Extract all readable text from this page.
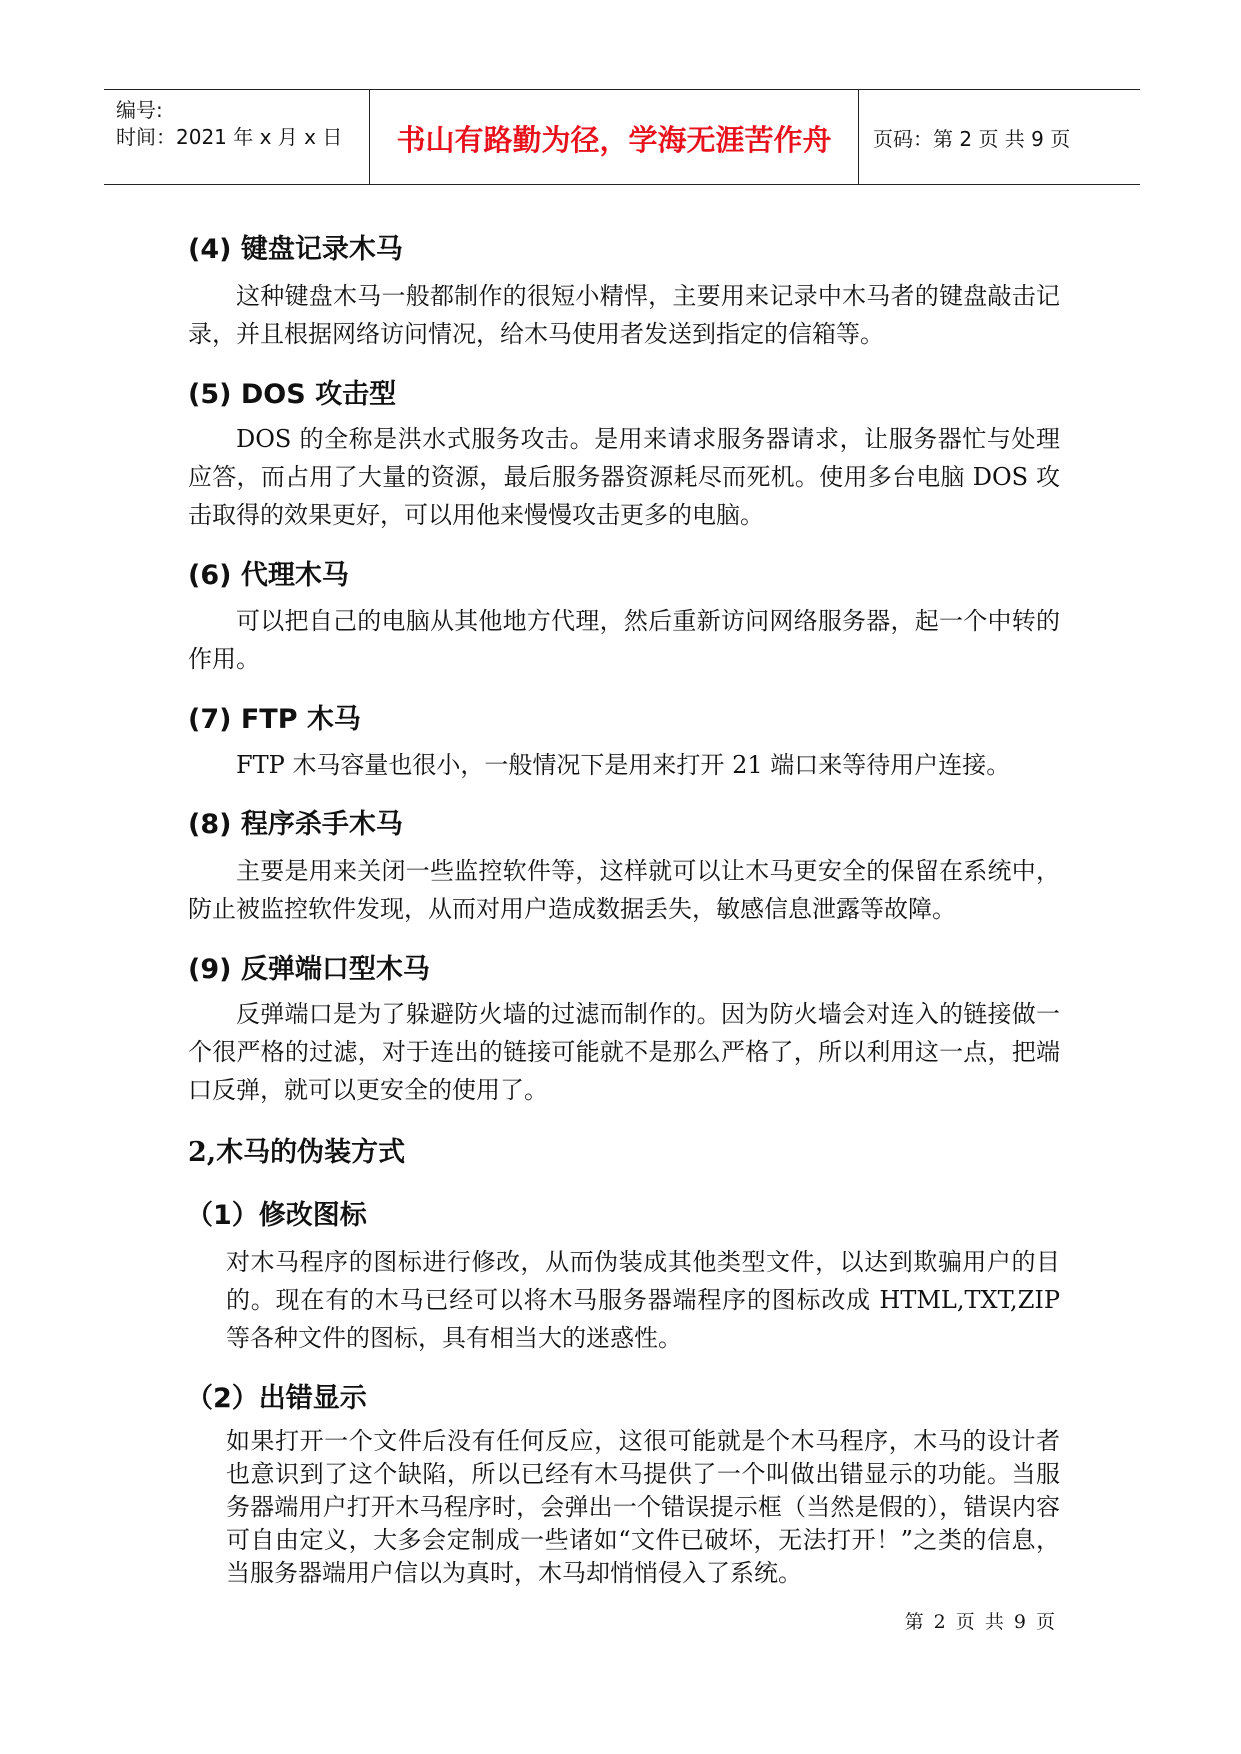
编号:
时间：2021 年 x 月 x 日	书山有路勤为径，学海无涯苦作舟	页码：第 2 页 共 9 页
(4) 键盘记录木马
这种键盘木马一般都制作的很短小精悍，主要用来记录中木马者的键盘敲击记录，并且根据网络访问情况，给木马使用者发送到指定的信箱等。
(5) DOS 攻击型
DOS 的全称是洪水式服务攻击。是用来请求服务器请求，让服务器忙与处理应答，而占用了大量的资源，最后服务器资源耗尽而死机。使用多台电脑 DOS 攻击取得的效果更好，可以用他来慢慢攻击更多的电脑。
(6) 代理木马
可以把自己的电脑从其他地方代理，然后重新访问网络服务器，起一个中转的作用。
(7) FTP 木马
FTP 木马容量也很小，一般情况下是用来打开 21 端口来等待用户连接。
(8) 程序杀手木马
主要是用来关闭一些监控软件等，这样就可以让木马更安全的保留在系统中，防止被监控软件发现，从而对用户造成数据丢失，敏感信息泄露等故障。
(9) 反弹端口型木马
反弹端口是为了躲避防火墙的过滤而制作的。因为防火墙会对连入的链接做一个很严格的过滤，对于连出的链接可能就不是那么严格了，所以利用这一点，把端口反弹，就可以更安全的使用了。
2,木马的伪装方式
（1）修改图标
对木马程序的图标进行修改，从而伪装成其他类型文件，以达到欺骗用户的目的。现在有的木马已经可以将木马服务器端程序的图标改成 HTML,TXT,ZIP 等各种文件的图标，具有相当大的迷惑性。
（2）出错显示
如果打开一个文件后没有任何反应，这很可能就是个木马程序，木马的设计者也意识到了这个缺陷，所以已经有木马提供了一个叫做出错显示的功能。当服务器端用户打开木马程序时，会弹出一个错误提示框（当然是假的），错误内容可自由定义，大多会定制成一些诸如“文件已破坏，无法打开！”之类的信息，当服务器端用户信以为真时，木马却悄悄侵入了系统。
第 2 页 共 9 页
